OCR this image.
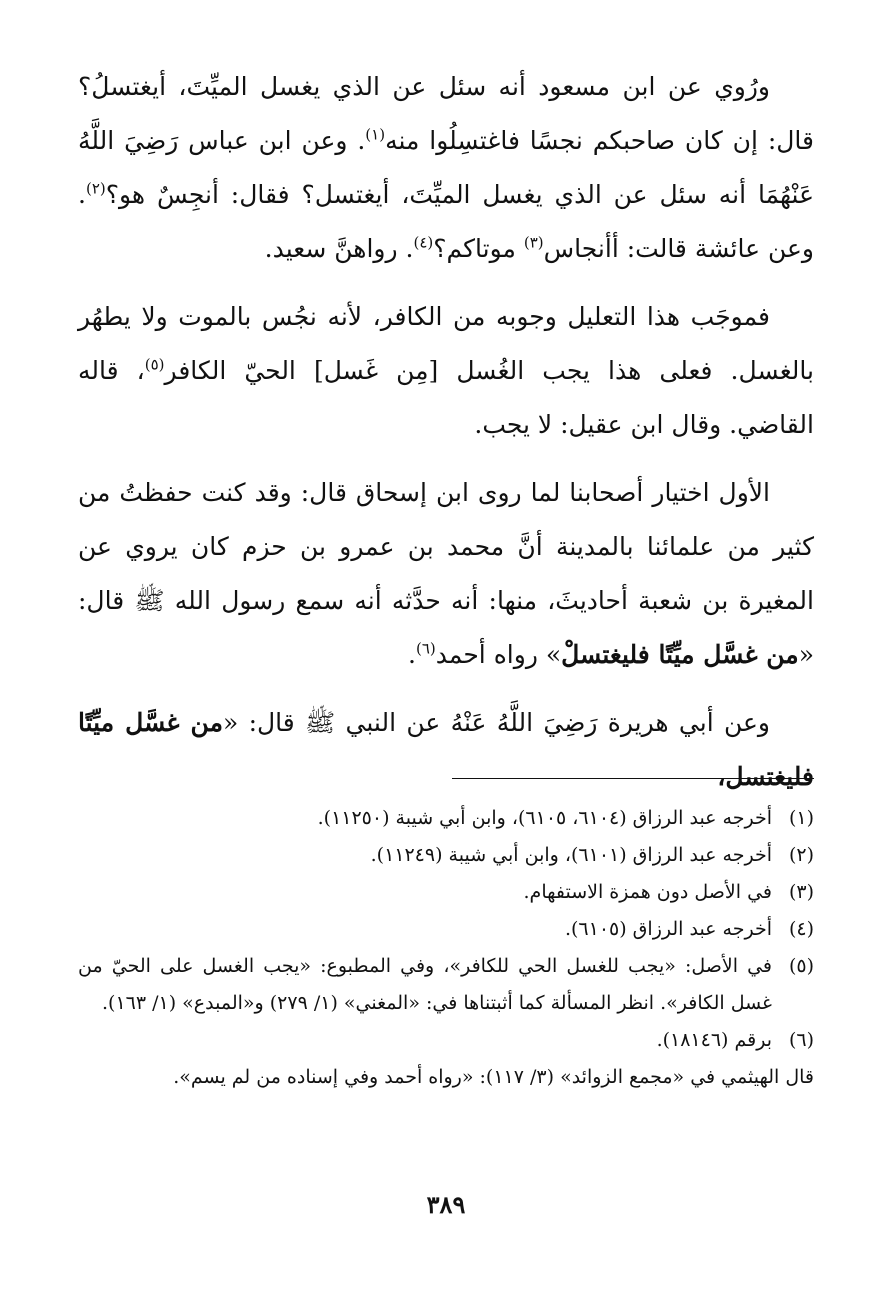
ورُوي عن ابن مسعود أنه سئل عن الذي يغسل الميِّتَ، أيغتسلُ؟ قال: إن كان صاحبكم نجسًا فاغتسِلُوا منه$^{(١)}$. وعن ابن عباس رَضِيَ اللَّهُ عَنْهُمَا أنه سئل عن الذي يغسل الميِّتَ، أيغتسل؟ فقال: أنجِسٌ هو؟$^{(٢)}$. وعن عائشة قالت: أأنجاس$^{(٣)}$ موتاكم؟$^{(٤)}$. رواهنَّ سعيد.

فموجَب هذا التعليل وجوبه من الكافر، لأنه نجُس بالموت ولا يطهُر بالغسل. فعلى هذا يجب الغُسل [مِن غَسل] الحيّ الكافر$^{(٥)}$، قاله القاضي. وقال ابن عقيل: لا يجب.

الأول اختيار أصحابنا لما روى ابن إسحاق قال: وقد كنت حفظتُ من كثير من علمائنا بالمدينة أنَّ محمد بن عمرو بن حزم كان يروي عن المغيرة بن شعبة أحاديثَ، منها: أنه حدَّثه أنه سمع رسول الله ﷺ قال: «من غسَّل ميِّتًا فليغتسلْ» رواه أحمد$^{(٦)}$.

وعن أبي هريرة رَضِيَ اللَّهُ عَنْهُ عن النبي ﷺ قال: «من غسَّل ميِّتًا فليغتسل،

(١)
أخرجه عبد الرزاق (٦١٠٤، ٦١٠٥)، وابن أبي شيبة (١١٢٥٠).
(٢)
أخرجه عبد الرزاق (٦١٠١)، وابن أبي شيبة (١١٢٤٩).
(٣)
في الأصل دون همزة الاستفهام.
(٤)
أخرجه عبد الرزاق (٦١٠٥).
(٥)
في الأصل: «يجب للغسل الحي للكافر»، وفي المطبوع: «يجب الغسل على الحيّ من غسل الكافر». انظر المسألة كما أثبتناها في: «المغني» (١/ ٢٧٩) و«المبدع» (١/ ١٦٣).
(٦)
برقم (١٨١٤٦).
قال الهيثمي في «مجمع الزوائد» (٣/ ١١٧): «رواه أحمد وفي إسناده من لم يسم».
٣٨٩
